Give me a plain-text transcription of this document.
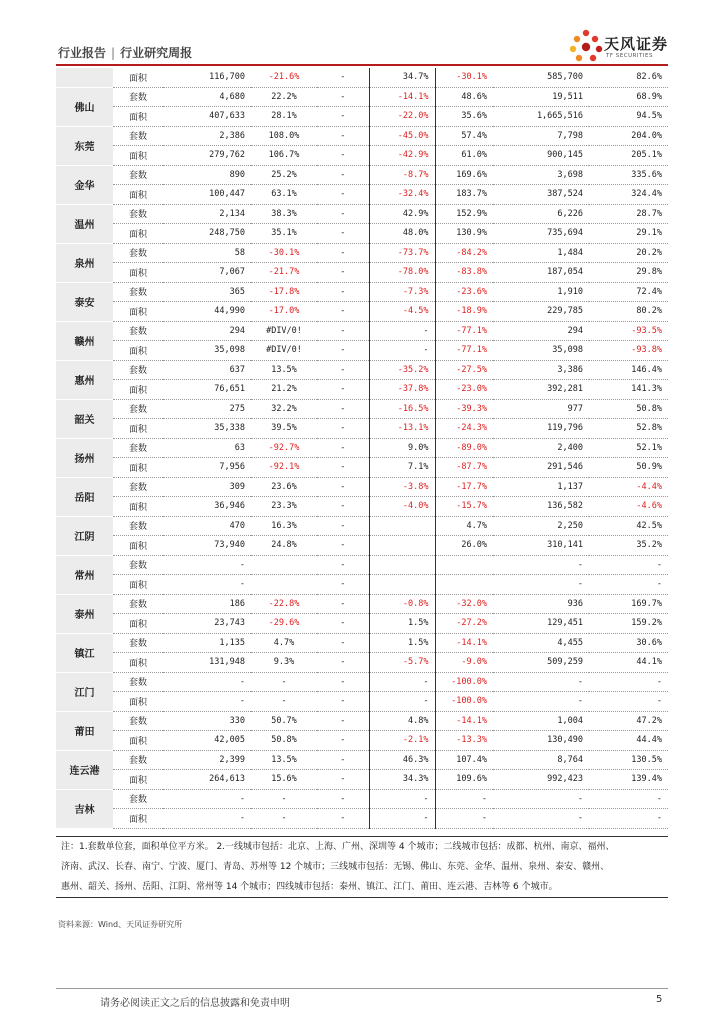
行业报告 | 行业研究周报	天风证券
TF SECURITIES
	面积	116,700	-21.6%	-	34.7%	-30.1%	585,700	82.6%
佛山	套数	4,680	22.2%	-	-14.1%	48.6%	19,511	68.9%
	面积	407,633	28.1%	-	-22.0%	35.6%	1,665,516	94.5%
东莞	套数	2,386	108.0%	-	-45.0%	57.4%	7,798	204.0%
	面积	279,762	106.7%	-	-42.9%	61.0%	900,145	205.1%
金华	套数	890	25.2%	-	-8.7%	169.6%	3,698	335.6%
	面积	100,447	63.1%	-	-32.4%	183.7%	387,524	324.4%
温州	套数	2,134	38.3%	-	42.9%	152.9%	6,226	28.7%
	面积	248,750	35.1%	-	48.0%	130.9%	735,694	29.1%
泉州	套数	58	-30.1%	-	-73.7%	-84.2%	1,484	20.2%
	面积	7,067	-21.7%	-	-78.0%	-83.8%	187,054	29.8%
泰安	套数	365	-17.8%	-	-7.3%	-23.6%	1,910	72.4%
	面积	44,990	-17.0%	-	-4.5%	-18.9%	229,785	80.2%
赣州	套数	294	#DIV/0!	-	-	-77.1%	294	-93.5%
	面积	35,098	#DIV/0!	-	-	-77.1%	35,098	-93.8%
惠州	套数	637	13.5%	-	-35.2%	-27.5%	3,386	146.4%
	面积	76,651	21.2%	-	-37.8%	-23.0%	392,281	141.3%
韶关	套数	275	32.2%	-	-16.5%	-39.3%	977	50.8%
	面积	35,338	39.5%	-	-13.1%	-24.3%	119,796	52.8%
扬州	套数	63	-92.7%	-	9.0%	-89.0%	2,400	52.1%
	面积	7,956	-92.1%	-	7.1%	-87.7%	291,546	50.9%
岳阳	套数	309	23.6%	-	-3.8%	-17.7%	1,137	-4.4%
	面积	36,946	23.3%	-	-4.0%	-15.7%	136,582	-4.6%
江阴	套数	470	16.3%	-		4.7%	2,250	42.5%
	面积	73,940	24.8%	-		26.0%	310,141	35.2%
常州	套数	-		-			-	-
	面积	-		-			-	-
泰州	套数	186	-22.8%	-	-0.8%	-32.0%	936	169.7%
	面积	23,743	-29.6%	-	1.5%	-27.2%	129,451	159.2%
镇江	套数	1,135	4.7%	-	1.5%	-14.1%	4,455	30.6%
	面积	131,948	9.3%	-	-5.7%	-9.0%	509,259	44.1%
江门	套数	-	-	-	-	-100.0%	-	-
	面积	-	-	-	-	-100.0%	-	-
莆田	套数	330	50.7%	-	4.8%	-14.1%	1,004	47.2%
	面积	42,005	50.8%	-	-2.1%	-13.3%	130,490	44.4%
连云港	套数	2,399	13.5%	-	46.3%	107.4%	8,764	130.5%
	面积	264,613	15.6%	-	34.3%	109.6%	992,423	139.4%
吉林	套数	-	-	-	-	-	-	-
	面积	-	-	-	-	-	-	-
注：1.套数单位套，面积单位平方米。 2.一线城市包括：北京、上海、广州、深圳等 4 个城市；二线城市包括：成都、杭州、南京、福州、
济南、武汉、长春、南宁、宁波、厦门、青岛、苏州等 12 个城市；三线城市包括：无锡、佛山、东莞、金华、温州、泉州、泰安、赣州、
惠州、韶关、扬州、岳阳、江阴、常州等 14 个城市；四线城市包括：泰州、镇江、江门、莆田、连云港、吉林等 6 个城市。
资料来源：Wind、天风证券研究所
请务必阅读正文之后的信息披露和免责申明	5
